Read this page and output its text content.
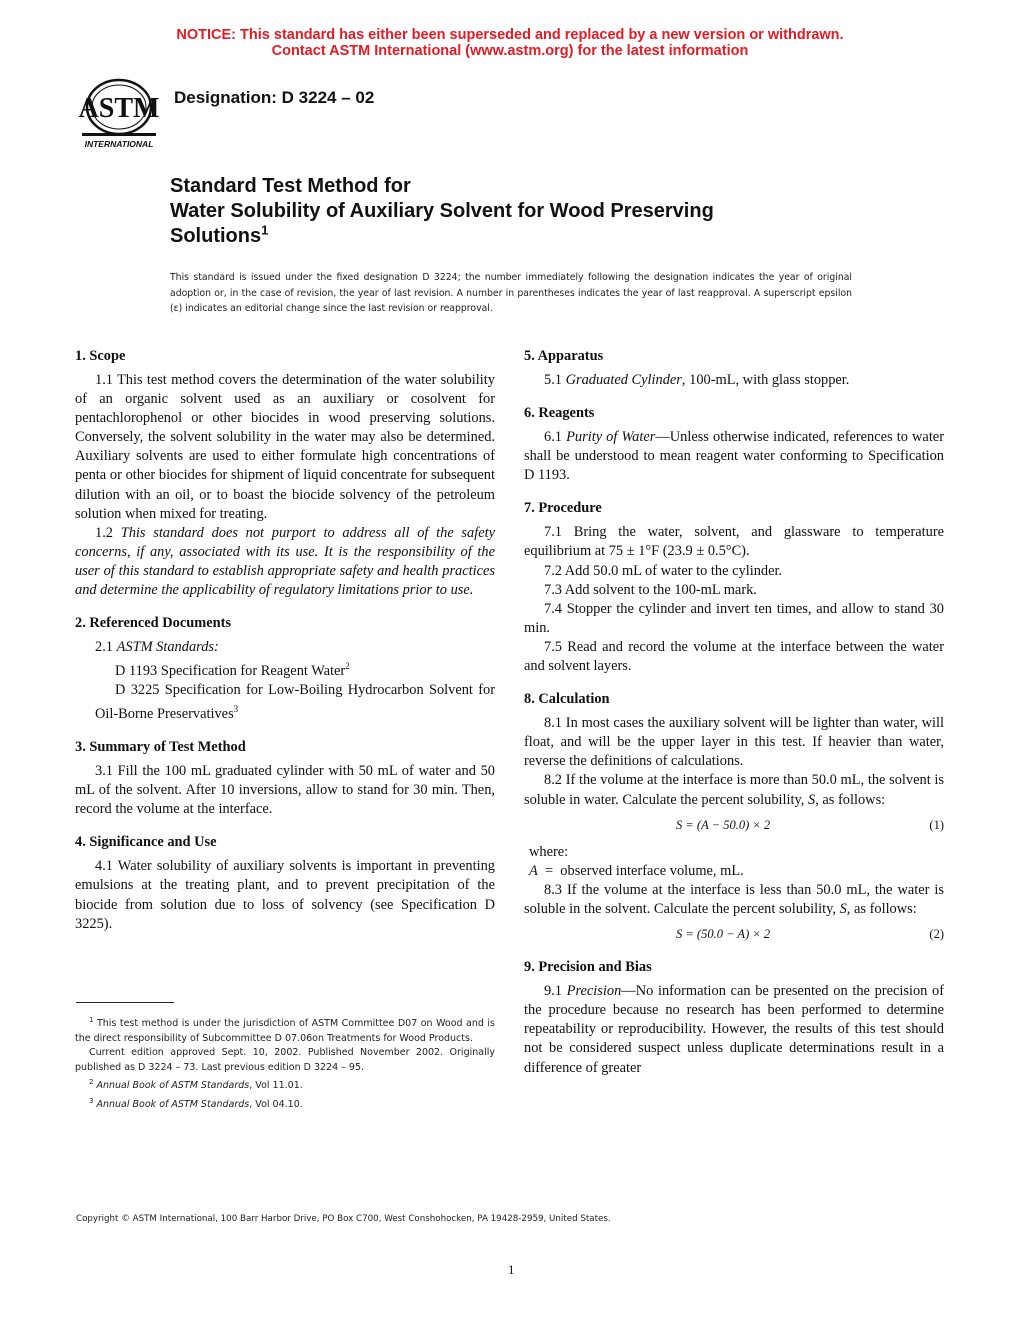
NOTICE: This standard has either been superseded and replaced by a new version or withdrawn.
Contact ASTM International (www.astm.org) for the latest information
ASTM
INTERNATIONAL
Designation: D 3224 – 02
Standard Test Method for
Water Solubility of Auxiliary Solvent for Wood Preserving
Solutions$^1$
This standard is issued under the fixed designation D 3224; the number immediately following the designation indicates the year of original adoption or, in the case of revision, the year of last revision. A number in parentheses indicates the year of last reapproval. A superscript epsilon (ε) indicates an editorial change since the last revision or reapproval.
1. Scope

1.1 This test method covers the determination of the water solubility of an organic solvent used as an auxiliary or cosolvent for pentachlorophenol or other biocides in wood preserving solutions. Conversely, the solvent solubility in the water may also be determined. Auxiliary solvents are used to either formulate high concentrations of penta or other biocides for shipment of liquid concentrate for subsequent dilution with an oil, or to boast the biocide solvency of the petroleum solution when mixed for treating.

1.2 This standard does not purport to address all of the safety concerns, if any, associated with its use. It is the responsibility of the user of this standard to establish appropriate safety and health practices and determine the applicability of regulatory limitations prior to use.

2. Referenced Documents

2.1 ASTM Standards:

D 1193 Specification for Reagent Water$^2$

D 3225 Specification for Low-Boiling Hydrocarbon Solvent for Oil-Borne Preservatives$^3$

3. Summary of Test Method

3.1 Fill the 100 mL graduated cylinder with 50 mL of water and 50 mL of the solvent. After 10 inversions, allow to stand for 30 min. Then, record the volume at the interface.

4. Significance and Use

4.1 Water solubility of auxiliary solvents is important in preventing emulsions at the treating plant, and to prevent precipitation of the biocide from solution due to loss of solvency (see Specification D 3225).

5. Apparatus

5.1 Graduated Cylinder, 100-mL, with glass stopper.

6. Reagents

6.1 Purity of Water—Unless otherwise indicated, references to water shall be understood to mean reagent water conforming to Specification D 1193.

7. Procedure

7.1 Bring the water, solvent, and glassware to temperature equilibrium at 75 ± 1°F (23.9 ± 0.5°C).

7.2 Add 50.0 mL of water to the cylinder.

7.3 Add solvent to the 100-mL mark.

7.4 Stopper the cylinder and invert ten times, and allow to stand 30 min.

7.5 Read and record the volume at the interface between the water and solvent layers.

8. Calculation

8.1 In most cases the auxiliary solvent will be lighter than water, will float, and will be the upper layer in this test. If heavier than water, reverse the definitions of calculations.

8.2 If the volume at the interface is more than 50.0 mL, the solvent is soluble in water. Calculate the percent solubility, S, as follows:

S = (A − 50.0) × 2	(1)
where:
A  =  observed interface volume, mL.

8.3 If the volume at the interface is less than 50.0 mL, the water is soluble in the solvent. Calculate the percent solubility, S, as follows:

S = (50.0 − A) × 2	(2)
9. Precision and Bias

9.1 Precision—No information can be presented on the precision of the procedure because no research has been performed to determine repeatability or reproducibility. However, the results of this test should not be considered suspect unless duplicate determinations result in a difference of greater

$^1$ This test method is under the jurisdiction of ASTM Committee D07 on Wood and is the direct responsibility of Subcommittee D 07.06on Treatments for Wood Products.

Current edition approved Sept. 10, 2002. Published November 2002. Originally published as D 3224 – 73. Last previous edition D 3224 – 95.

$^2$ Annual Book of ASTM Standards, Vol 11.01.

$^3$ Annual Book of ASTM Standards, Vol 04.10.

Copyright © ASTM International, 100 Barr Harbor Drive, PO Box C700, West Conshohocken, PA 19428-2959, United States.
1
